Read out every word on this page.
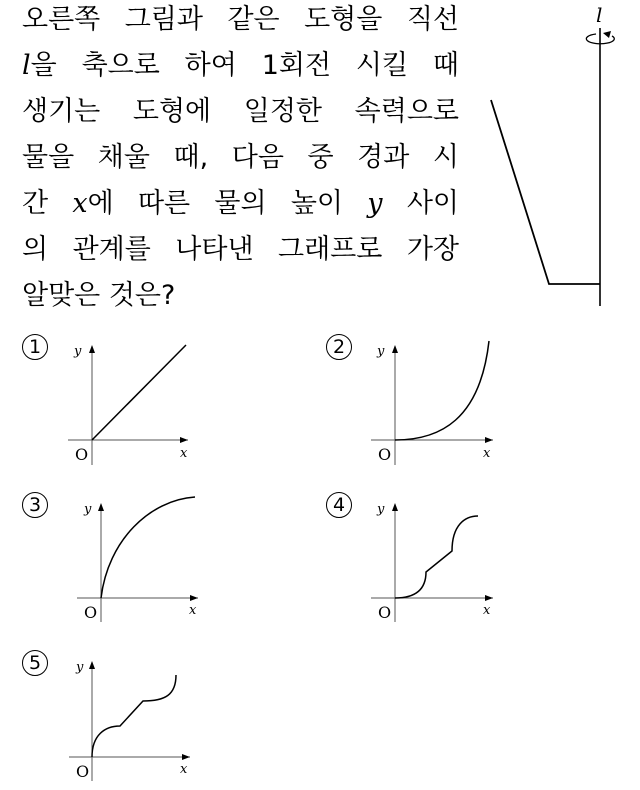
오른쪽 그림과 같은 도형을 직선
l을 축으로 하여 1회전 시킬 때
생기는 도형에 일정한 속력으로
물을 채울 때, 다음 중 경과 시
간 x에 따른 물의 높이 y 사이
의 관계를 나타낸 그래프로 가장
알맞은 것은?
l
1	y
x
O
2	y
x
O
3	y
x
O
4	y
x
O
5	y
x
O
